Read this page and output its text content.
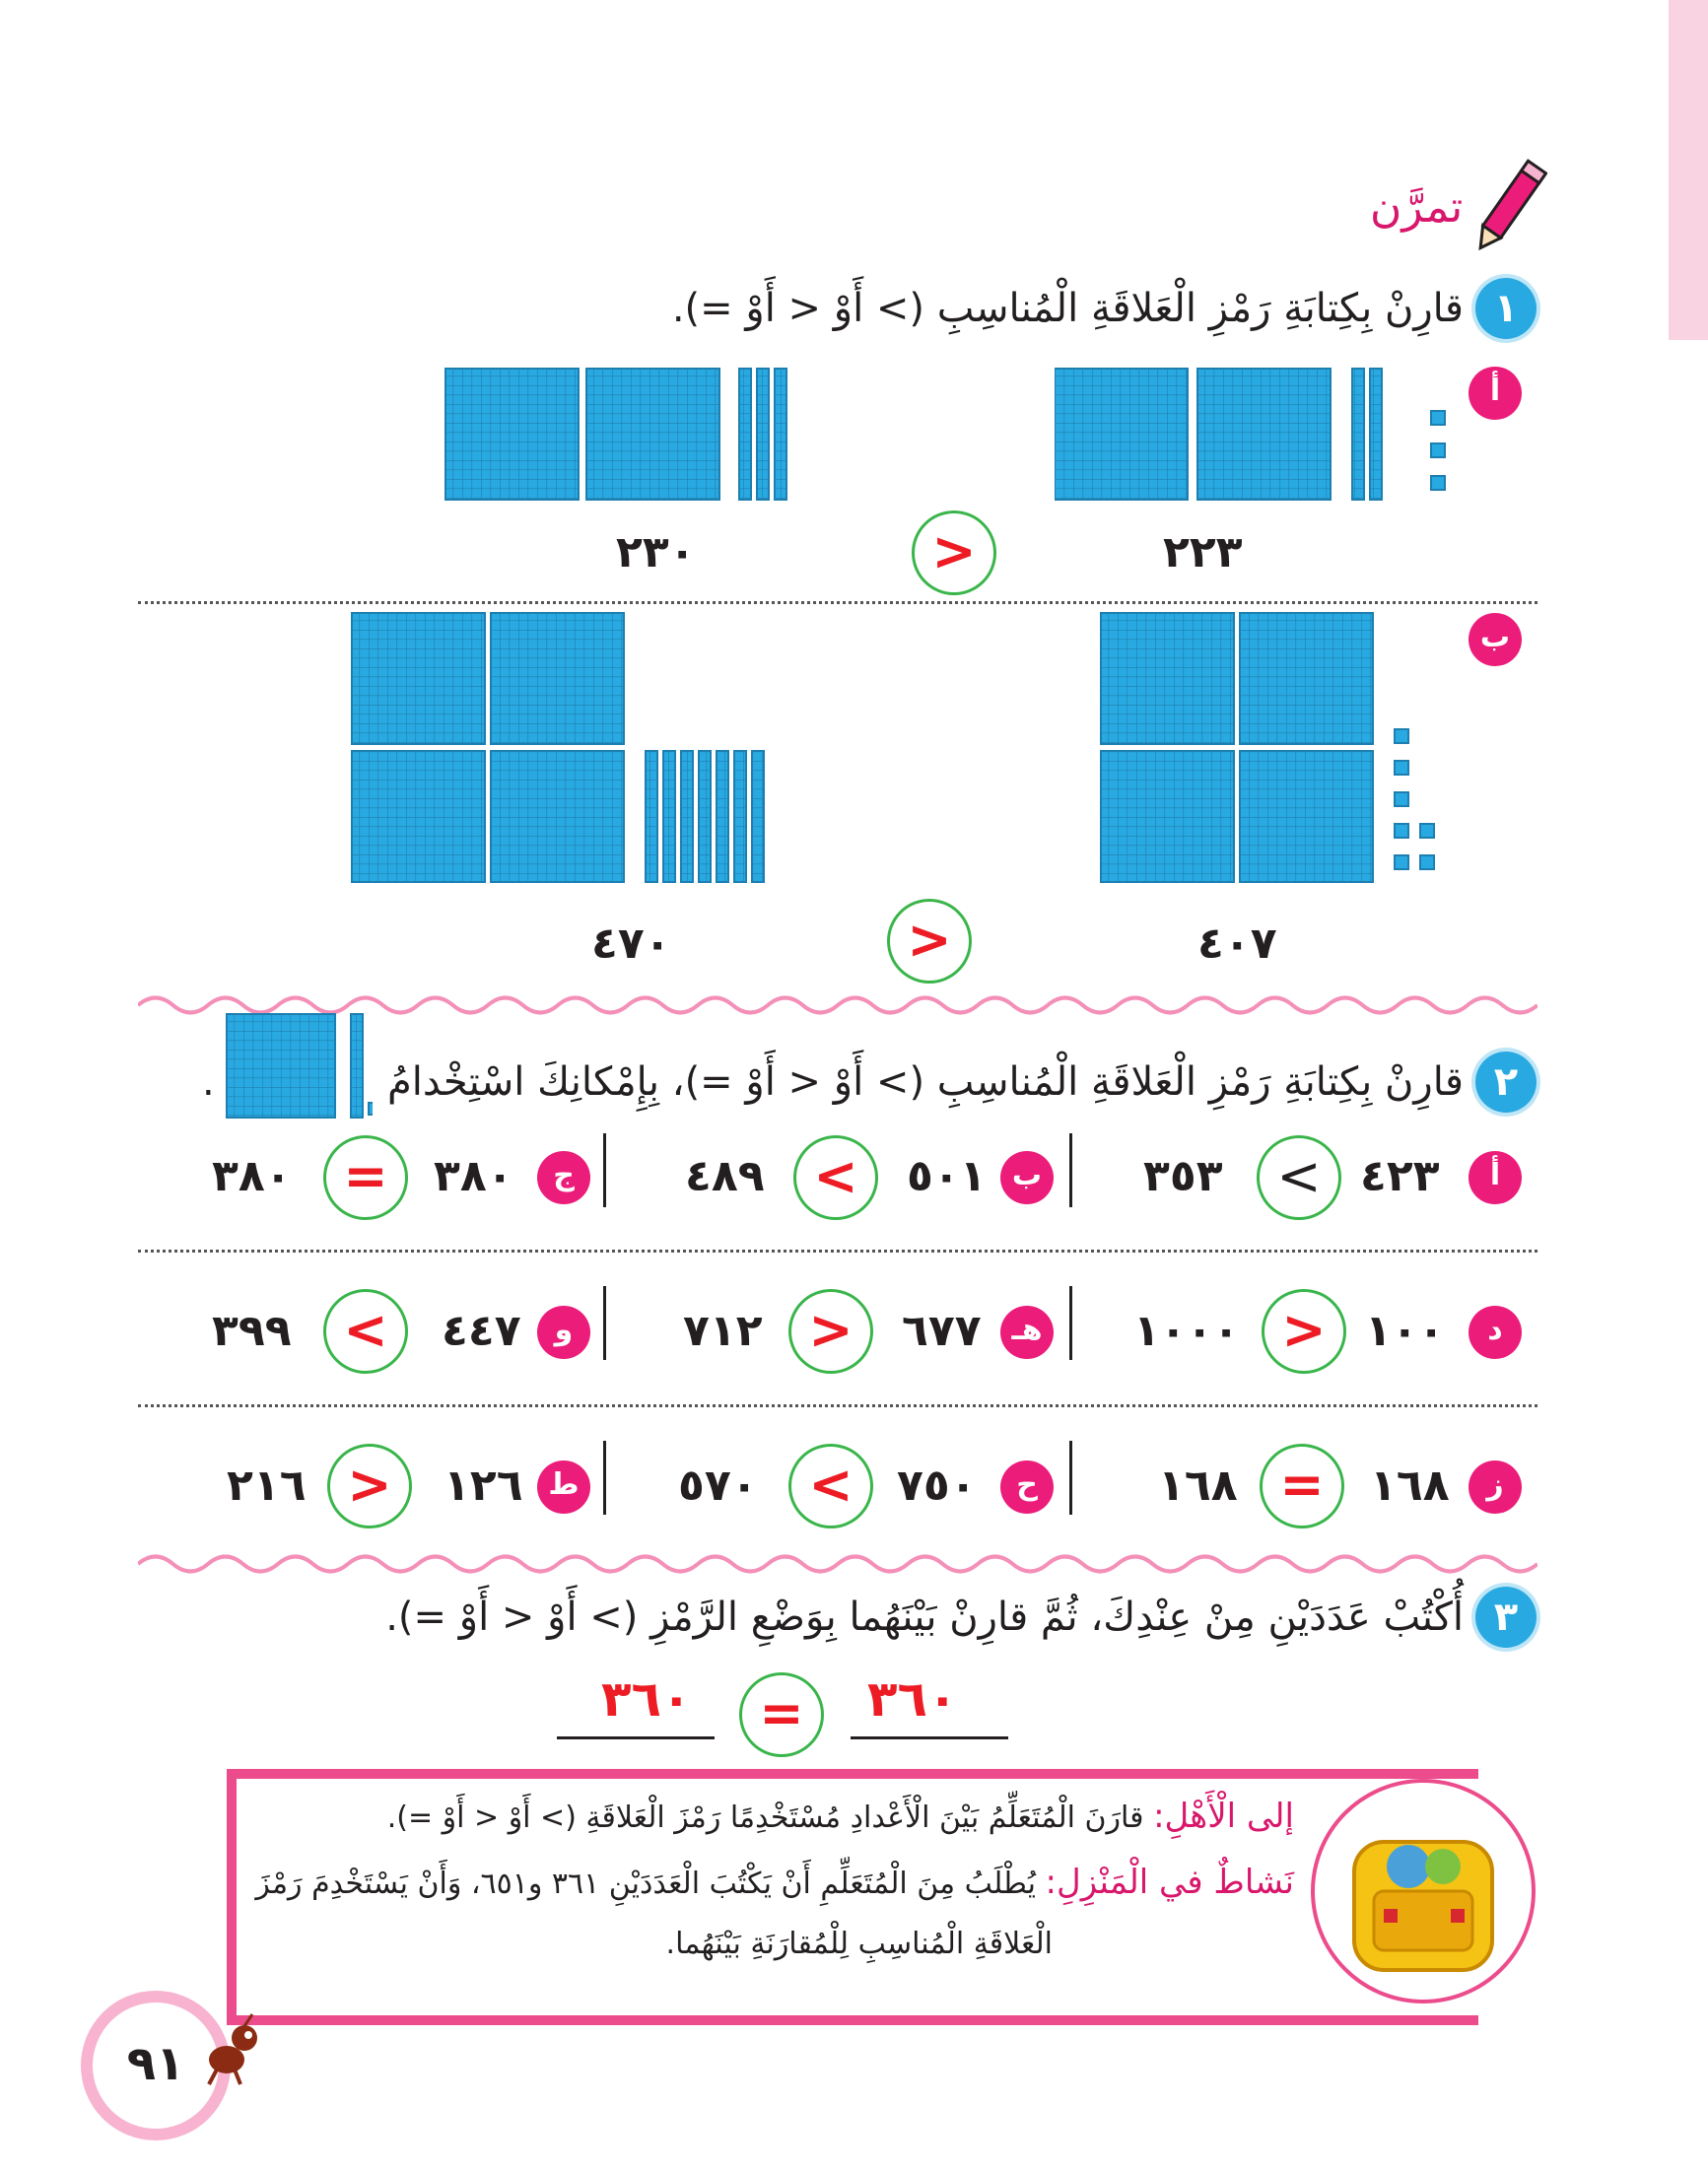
تمرَّن
١
قارِنْ بِكِتابَةِ رَمْزِ الْعَلاقَةِ الْمُناسِبِ (> أَوْ < أَوْ =).
أ
٢٢٣
<
٢٣٠
ب
٤٠٧
<
٤٧٠
٢
قارِنْ بِكِتابَةِ رَمْزِ الْعَلاقَةِ الْمُناسِبِ (> أَوْ < أَوْ =)، بِإِمْكانِكَ اسْتِخْدامُ
.
أ
٤٢٣
>
٣٥٣
ب
٥٠١
>
٤٨٩
ج
٣٨٠
=
٣٨٠
د
١٠٠
<
١٠٠٠
هـ
٦٧٧
<
٧١٢
و
٤٤٧
>
٣٩٩
ز
١٦٨
=
١٦٨
ح
٧٥٠
>
٥٧٠
ط
١٢٦
<
٢١٦
٣
أُكْتُبْ عَدَدَيْنِ مِنْ عِنْدِكَ، ثُمَّ قارِنْ بَيْنَهُما بِوَضْعِ الرَّمْزِ (> أَوْ < أَوْ =).
٣٦٠
=
٣٦٠
إلى الْأَهْلِ: قارَنَ الْمُتَعَلِّمُ بَيْنَ الْأَعْدادِ مُسْتَخْدِمًا رَمْزَ الْعَلاقَةِ (> أَوْ < أَوْ =).
نَشاطٌ في الْمَنْزِلِ: يُطْلَبُ مِنَ الْمُتَعَلِّمِ أَنْ يَكْتُبَ الْعَدَدَيْنِ ٣٦١ و٦٥١، وَأَنْ يَسْتَخْدِمَ رَمْزَ
الْعَلاقَةِ الْمُناسِبِ لِلْمُقارَنَةِ بَيْنَهُما.
٩١
